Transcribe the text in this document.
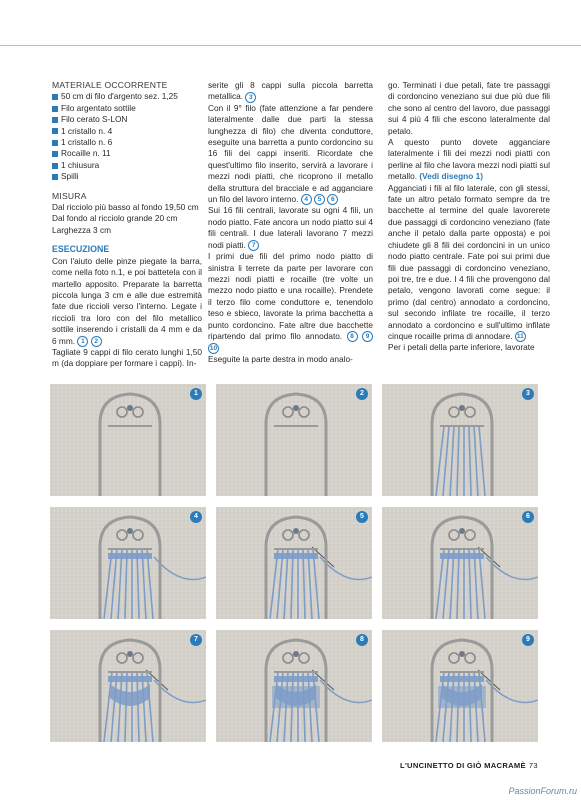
MATERIALE OCCORRENTE

50 cm di filo d'argento sez. 1,25
Filo argentato sottile
Filo cerato S-LON
1 cristallo n. 4
1 cristallo n. 6
Rocaille n. 11
1 chiusura
Spilli

MISURA

Dal ricciolo più basso al fondo 19,50 cm

Dal fondo al ricciolo grande 20 cm

Larghezza 3 cm

ESECUZIONE

Con l'aiuto delle pinze piegate la barra, come nella foto n.1, e poi battetela con il martello apposito. Preparate la barretta piccola lunga 3 cm e alle due estremità fate due riccioli verso l'interno. Legate i riccioli tra loro con del filo metallico sottile inserendo i cristalli da 4 mm e da 6 mm. 1 2

Tagliate 9 cappi di filo cerato lunghi 1,50 m (da doppiare per formare i cappi). In-

serite gli 8 cappi sulla piccola barretta metallica. 3

Con il 9° filo (fate attenzione a far pendere lateralmente dalle due parti la stessa lunghezza di filo) che diventa conduttore, eseguite una barretta a punto cordoncino su 16 fili dei cappi inseriti. Ricordate che quest'ultimo filo inserito, servirà a lavorare i mezzi nodi piatti, che ricoprono il metallo della struttura del bracciale e ad agganciare un filo del lavoro interno. 4 5 6

Sui 16 fili centrali, lavorate su ogni 4 fili, un nodo piatto. Fate ancora un nodo piatto sui 4 fili centrali. I due laterali lavorano 7 mezzi nodi piatti. 7

I primi due fili del primo nodo piatto di sinistra li terrete da parte per lavorare con mezzi nodi piatti e rocaille (tre volte un mezzo nodo piatto e una rocaille). Prendete il terzo filo come conduttore e, tenendolo teso e sbieco, lavorate la prima bacchetta a punto cordoncino. Fate altre due bacchette ripartendo dal primo filo annodato. 8 9 10

Eseguite la parte destra in modo analo-

go. Terminati i due petali, fate tre passaggi di cordoncino veneziano sui due più due fili che sono al centro del lavoro, due passaggi sui 4 più 4 fili che escono lateralmente dal petalo.

A questo punto dovete agganciare lateralmente i fili dei mezzi nodi piatti con perline al filo che lavora mezzi nodi piatti sul metallo. (Vedi disegno 1)

Agganciati i fili al filo laterale, con gli stessi, fate un altro petalo formato sempre da tre bacchette al termine del quale lavorerete due passaggi di cordoncino veneziano (fate anche il petalo dalla parte opposta) e poi chiudete gli 8 fili dei cordoncini in un unico nodo piatto centrale. Fate poi sui primi due fili due passaggi di cordoncino veneziano, poi tre, tre e due. I 4 fili che provengono dal petalo, vengono lavorati come segue: il primo (dal centro) annodato a cordoncino, sul secondo infilate tre rocaille, il terzo annodato a cordoncino e sull'ultimo infilate cinque rocaille prima di annodare. 11

Per i petali della parte inferiore, lavorate

1	2	3
4	5	6
7	8	9
L'UNCINETTO DI GIÒ MACRAMÈ 73
PassionForum.ru
